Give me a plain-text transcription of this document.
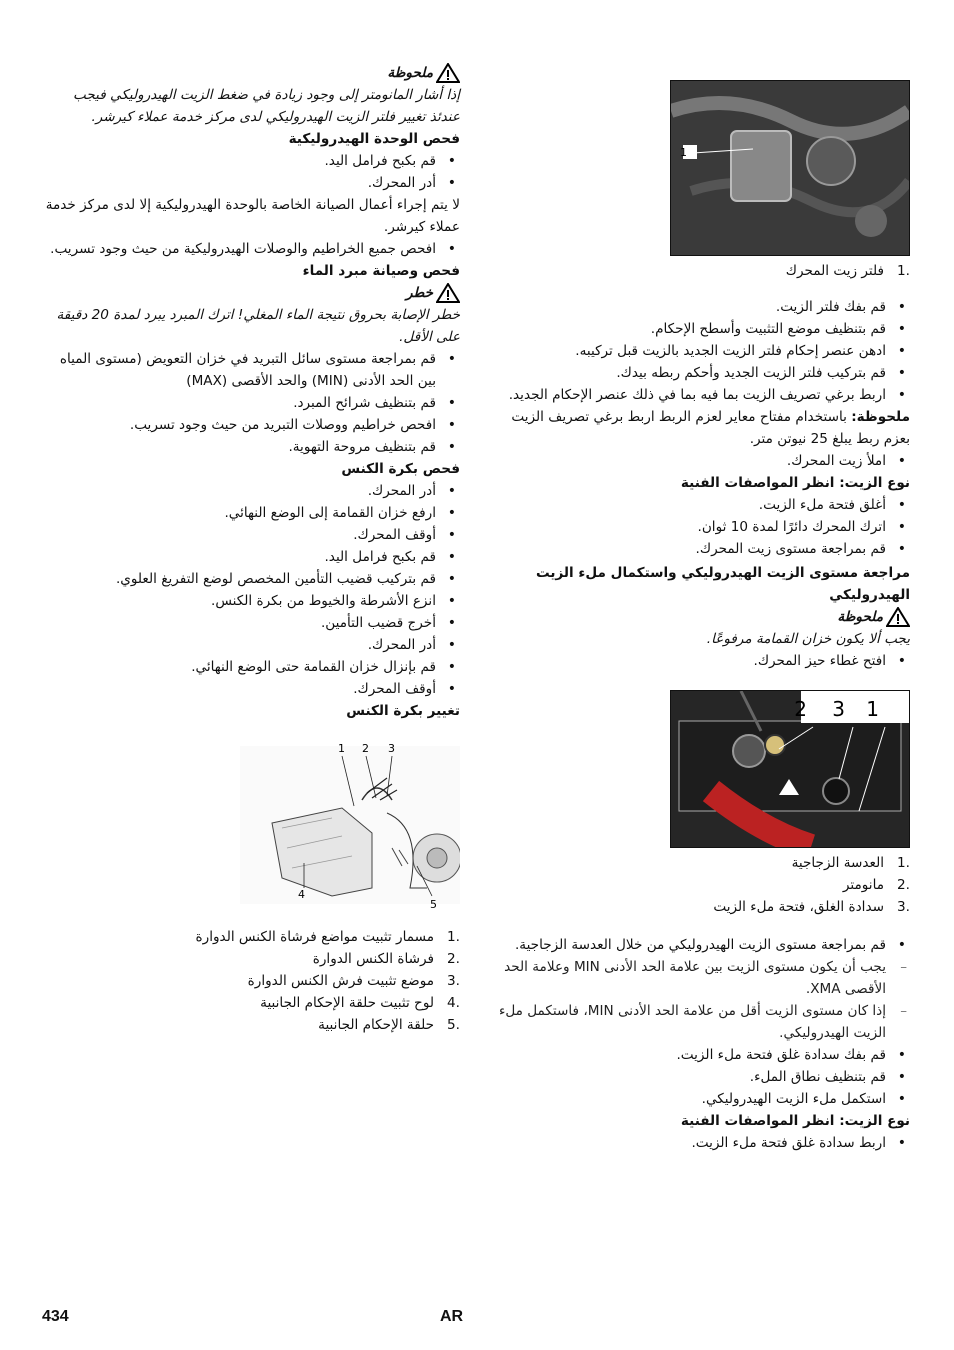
ملحوظة

إذا أشار المانومتر إلى وجود زيادة في ضغط الزيت الهيدروليكي فيجب عندئذ تغيير فلتر الزيت الهيدروليكي لدى مركز خدمة عملاء كيرشر.

فحص الوحدة الهيدروليكية

• قم بكبح فرامل اليد.
• أدر المحرك.

لا يتم إجراء أعمال الصيانة الخاصة بالوحدة الهيدروليكية إلا لدى مركز خدمة عملاء كيرشر.

• افحص جميع الخراطيم والوصلات الهيدروليكية من حيث وجود تسريب.

فحص وصيانة مبرد الماء

خطر

خطر الإصابة بحروق نتيجة الماء المغلي! اترك المبرد يبرد لمدة 20 دقيقة على الأقل.

• قم بمراجعة مستوى سائل التبريد في خزان التعويض (مستوى المياه بين الحد الأدنى (MIN) والحد الأقصى (MAX)
• قم بتنظيف شرائح المبرد.
• افحص خراطيم ووصلات التبريد من حيث وجود تسريب.
• قم بتنظيف مروحة التهوية.

فحص بكرة الكنس

• أدر المحرك.
• ارفع خزان القمامة إلى الوضع النهائي.
• أوقف المحرك.
• قم بكبح فرامل اليد.
• قم بتركيب قضيب التأمين المخصص لوضع التفريغ العلوي.
• انزع الأشرطة والخيوط من بكرة الكنس.
• أخرج قضيب التأمين.
• أدر المحرك.
• قم بإنزال خزان القمامة حتى الوضع النهائي.
• أوقف المحرك.

تغيير بكرة الكنس

1 2 3
4
5
1.
مسمار تثبيت مواضع فرشاة الكنس الدوارة
2.
فرشاة الكنس الدوارة
3.
موضع تثبيت فرش الكنس الدوارة
4.
لوح تثبيت حلقة الإحكام الجانبية
5.
حلقة الإحكام الجانبية
1
1.
فلتر زيت المحرك
• قم بفك فلتر الزيت.
• قم بتنظيف موضع التثبيت وأسطح الإحكام.
• ادهن عنصر إحكام فلتر الزيت الجديد بالزيت قبل تركيبه.
• قم بتركيب فلتر الزيت الجديد وأحكم ربطه بيدك.
• اربط برغي تصريف الزيت بما فيه بما في ذلك عنصر الإحكام الجديد.

ملحوظة: باستخدام مفتاح معاير لعزم الربط اربط برغي تصريف الزيت بعزم ربط يبلغ 25 نيوتن متر.

• املأ زيت المحرك.

نوع الزيت: انظر المواصفات الفنية

• أغلق فتحة ملء الزيت.
• اترك المحرك دائرًا لمدة 10 ثوان.
• قم بمراجعة مستوى زيت المحرك.

مراجعة مستوى الزيت الهيدروليكي واستكمال ملء الزيت الهيدروليكي

ملحوظة

يجب ألا يكون خزان القمامة مرفوعًا.

• افتح غطاء حيز المحرك.
2 3 1
1.
العدسة الزجاجية
2.
مانومتر
3.
سدادة الغلق، فتحة ملء الزيت
• قم بمراجعة مستوى الزيت الهيدروليكي من خلال العدسة الزجاجية.
– يجب أن يكون مستوى الزيت بين علامة الحد الأدنى MIN وعلامة الحد الأقصى XMA.
– إذا كان مستوى الزيت أقل من علامة الحد الأدنى MIN، فاستكمل ملء الزيت الهيدروليكي.
• قم بفك سدادة غلق فتحة ملء الزيت.
• قم بتنظيف نطاق الملء.
• استكمل ملء الزيت الهيدروليكي.

نوع الزيت: انظر المواصفات الفنية

• اربط سدادة غلق فتحة ملء الزيت.
434	AR
